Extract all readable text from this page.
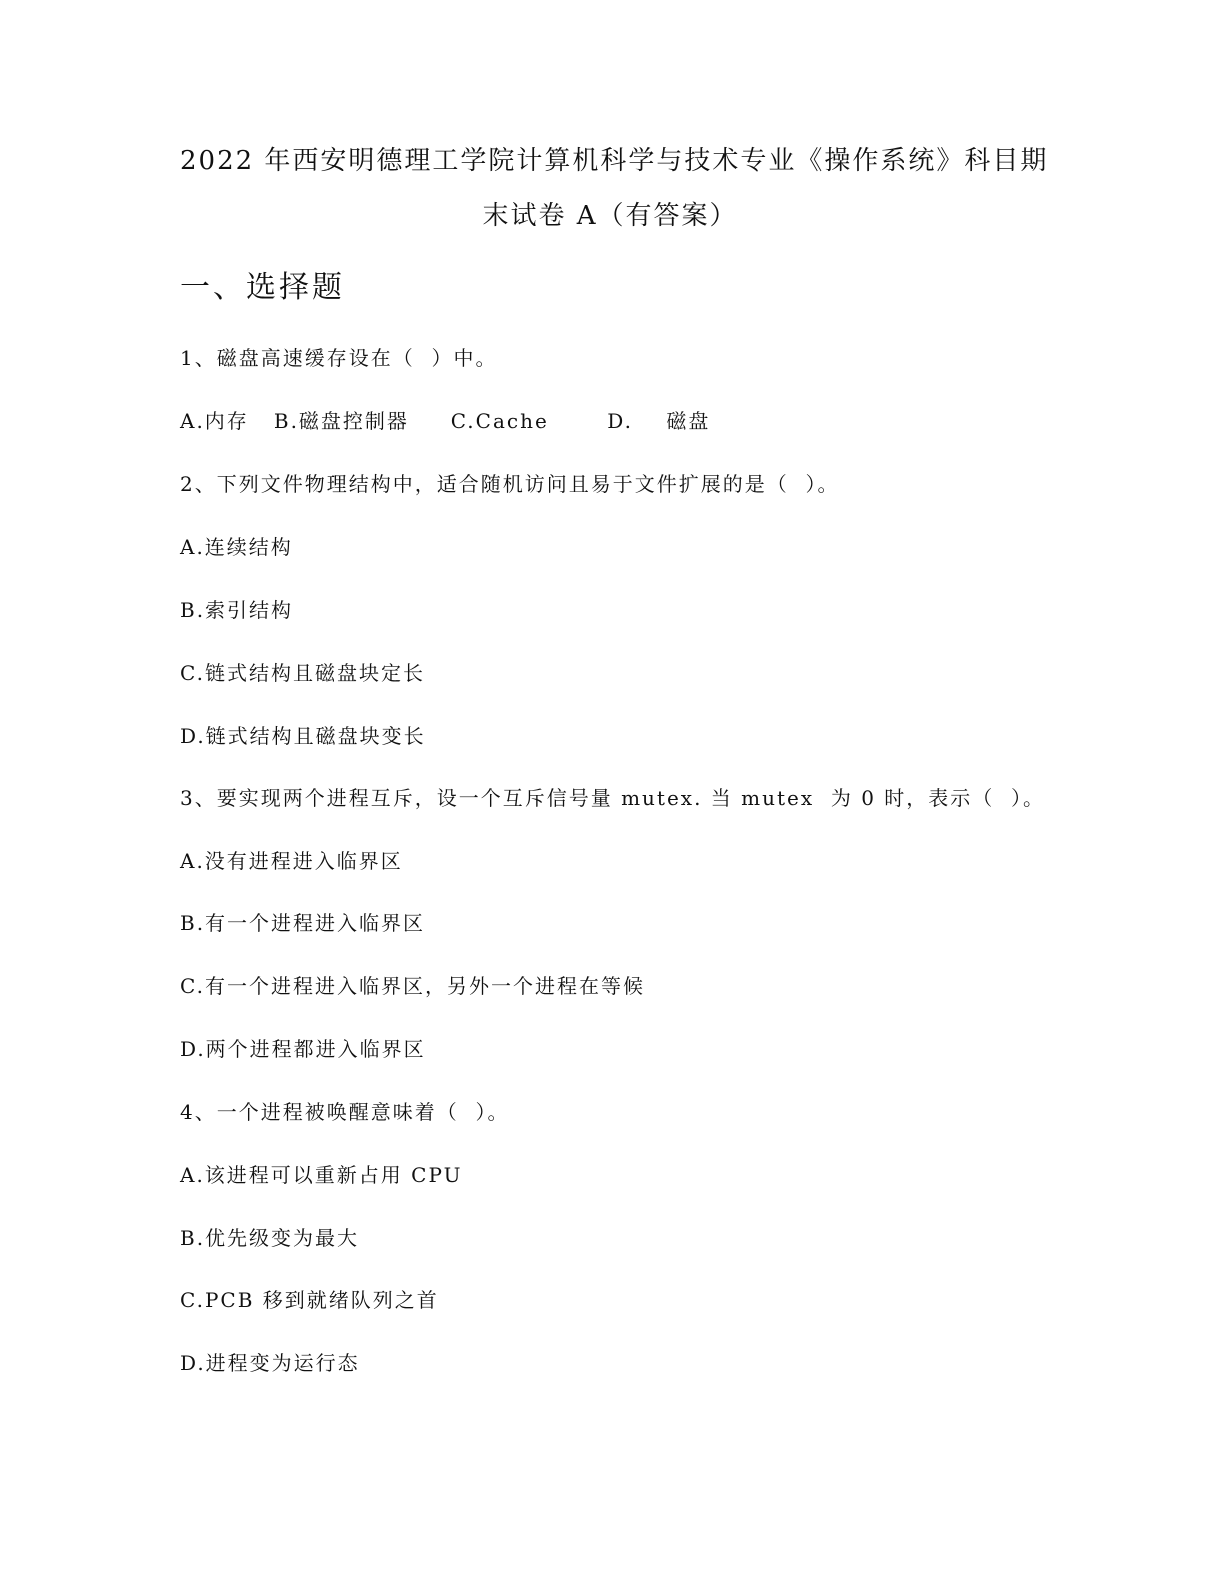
2022 年西安明德理工学院计算机科学与技术专业《操作系统》科目期
末试卷 A（有答案）
一、选择题
1、磁盘高速缓存设在（  ）中。
A.内存   B.磁盘控制器     C.Cache       D.    磁盘
2、下列文件物理结构中，适合随机访问且易于文件扩展的是（  ）。
A.连续结构
B.索引结构
C.链式结构且磁盘块定长
D.链式结构且磁盘块变长
3、要实现两个进程互斥，设一个互斥信号量 mutex. 当 mutex  为 0 时，表示（  ）。
A.没有进程进入临界区
B.有一个进程进入临界区
C.有一个进程进入临界区，另外一个进程在等候
D.两个进程都进入临界区
4、一个进程被唤醒意味着（  ）。
A.该进程可以重新占用 CPU
B.优先级变为最大
C.PCB 移到就绪队列之首
D.进程变为运行态
